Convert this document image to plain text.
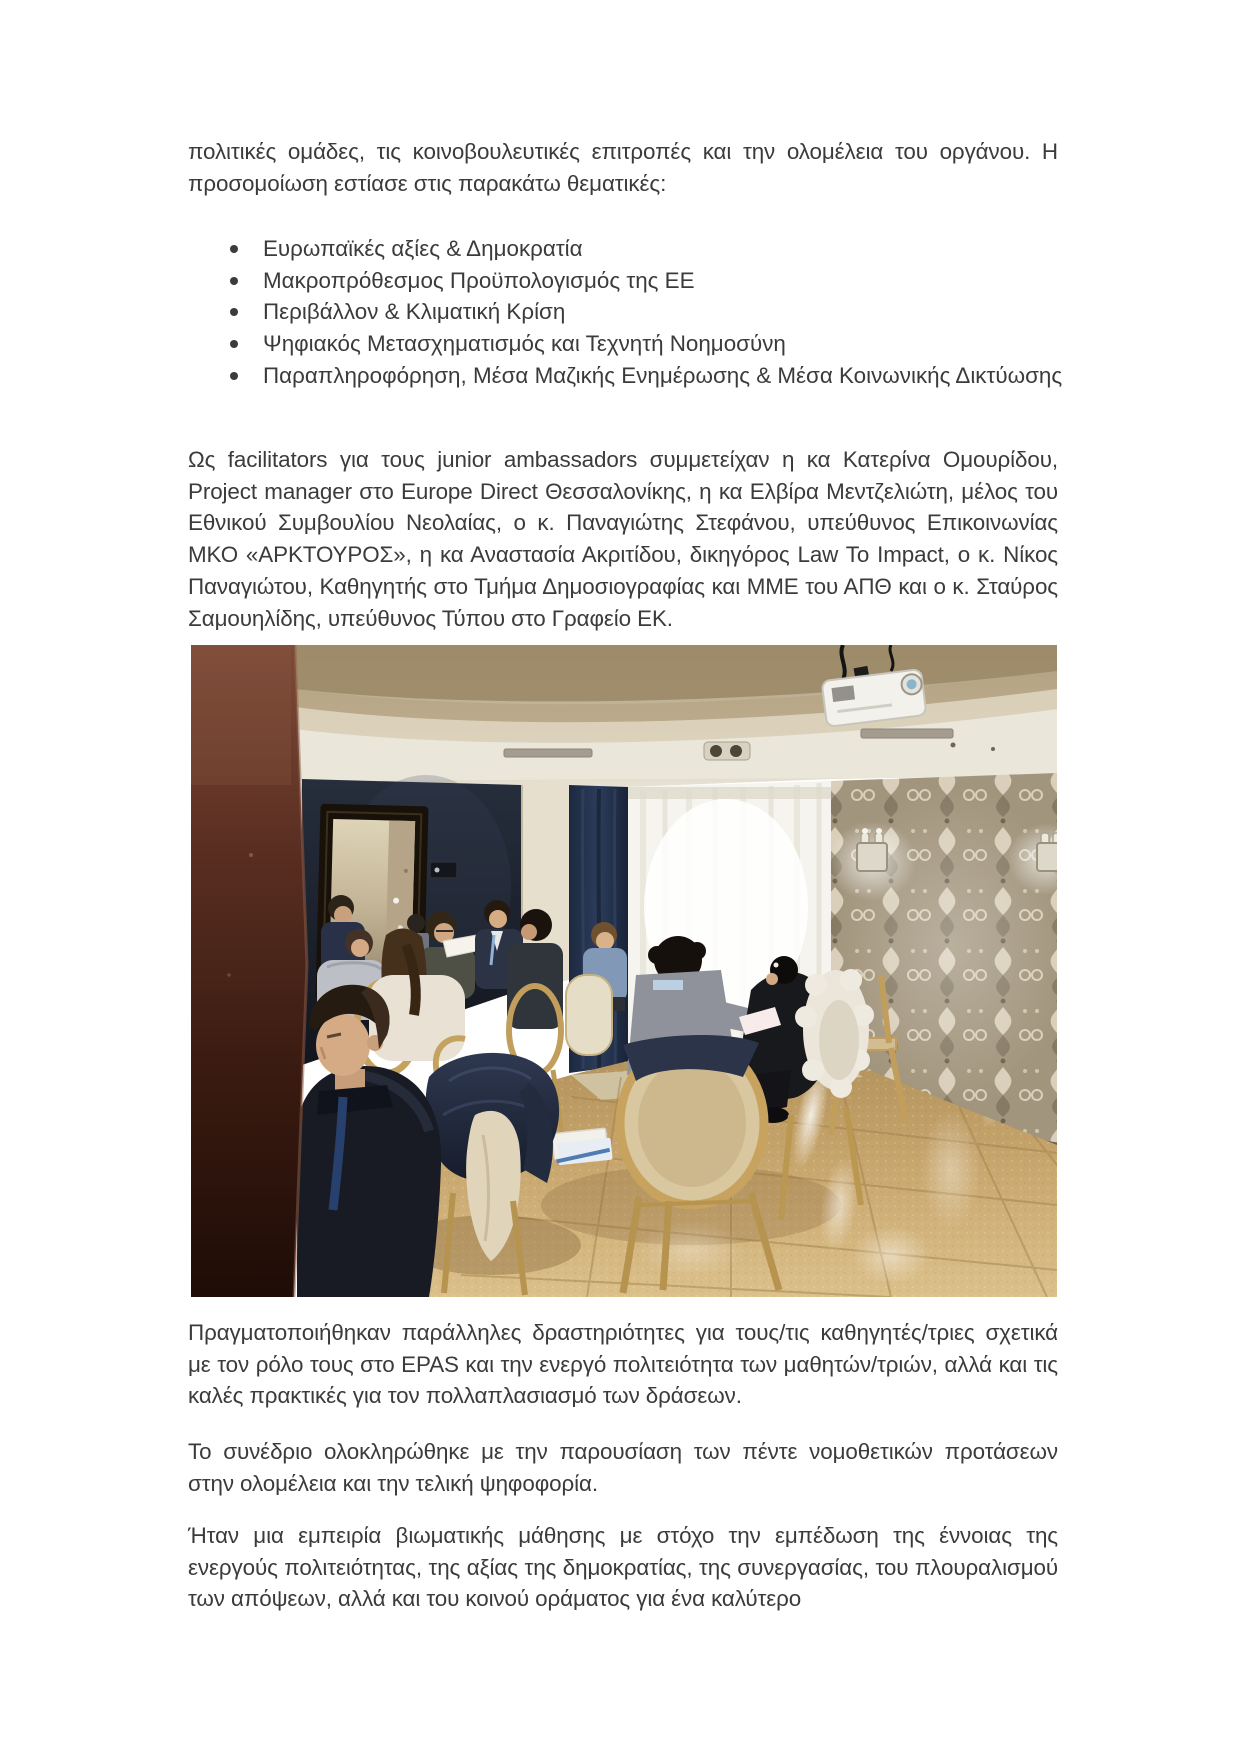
πολιτικές ομάδες, τις κοινοβουλευτικές επιτροπές και την ολομέλεια του οργάνου. Η προσομοίωση εστίασε στις παρακάτω θεματικές:

Ευρωπαϊκές αξίες & Δημοκρατία
Μακροπρόθεσμος Προϋπολογισμός της ΕΕ
Περιβάλλον & Κλιματική Κρίση
Ψηφιακός Μετασχηματισμός και Τεχνητή Νοημοσύνη
Παραπληροφόρηση, Μέσα Μαζικής Ενημέρωσης & Μέσα Κοινωνικής Δικτύωσης

Ως facilitators για τους junior ambassadors συμμετείχαν η κα Κατερίνα Ομουρίδου, Project manager στο Europe Direct Θεσσαλονίκης, η κα Ελβίρα Μεντζελιώτη, μέλος του Εθνικού Συμβουλίου Νεολαίας, ο κ. Παναγιώτης Στεφάνου, υπεύθυνος Επικοινωνίας ΜΚΟ «ΑΡΚΤΟΥΡΟΣ», η κα Αναστασία Ακριτίδου, δικηγόρος Law To Impact, ο κ. Νίκος Παναγιώτου, Καθηγητής στο Τμήμα Δημοσιογραφίας και ΜΜΕ του ΑΠΘ και ο κ. Σταύρος Σαμουηλίδης, υπεύθυνος Τύπου στο Γραφείο ΕΚ.

Πραγματοποιήθηκαν παράλληλες δραστηριότητες για τους/τις καθηγητές/τριες σχετικά με τον ρόλο τους στο EPAS και την ενεργό πολιτειότητα των μαθητών/τριών, αλλά και τις καλές πρακτικές για τον πολλαπλασιασμό των δράσεων.

Το συνέδριο ολοκληρώθηκε με την παρουσίαση των πέντε νομοθετικών προτάσεων στην ολομέλεια και την τελική ψηφοφορία.

Ήταν μια εμπειρία βιωματικής μάθησης με στόχο την εμπέδωση της έννοιας της ενεργούς πολιτειότητας, της αξίας της δημοκρατίας, της συνεργασίας, του πλουραλισμού των απόψεων, αλλά και του κοινού οράματος για ένα καλύτερο
